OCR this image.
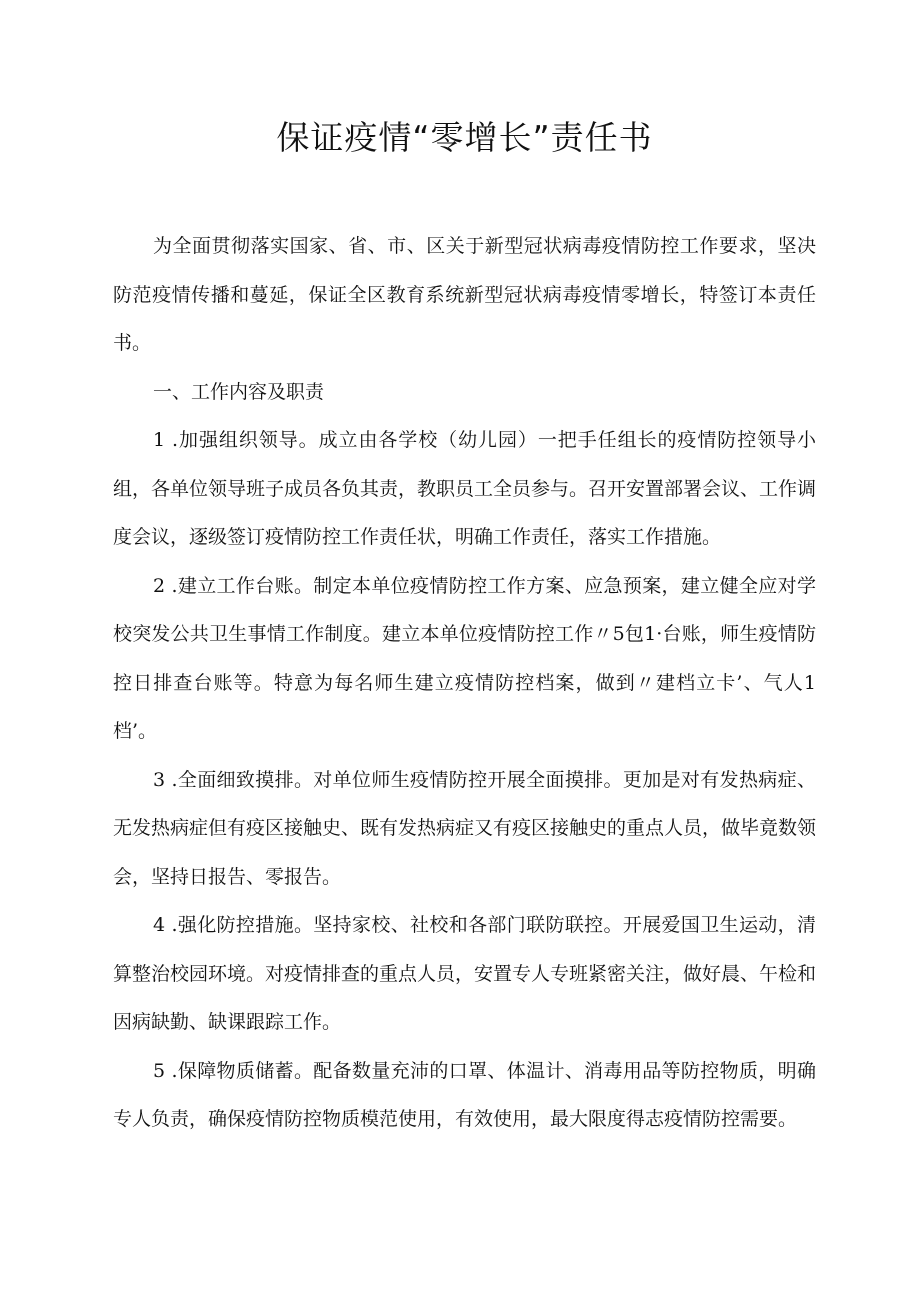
保证疫情“零增长”责任书

为全面贯彻落实国家、省、市、区关于新型冠状病毒疫情防控工作要求，坚决防范疫情传播和蔓延，保证全区教育系统新型冠状病毒疫情零增长，特签订本责任书。

一、工作内容及职责

1 .加强组织领导。成立由各学校（幼儿园）一把手任组长的疫情防控领导小组，各单位领导班子成员各负其责，教职员工全员参与。召开安置部署会议、工作调度会议，逐级签订疫情防控工作责任状，明确工作责任，落实工作措施。

2 .建立工作台账。制定本单位疫情防控工作方案、应急预案，建立健全应对学校突发公共卫生事情工作制度。建立本单位疫情防控工作〃5包1·台账，师生疫情防控日排查台账等。特意为每名师生建立疫情防控档案，做到〃建档立卡’、气人1档’。

3 .全面细致摸排。对单位师生疫情防控开展全面摸排。更加是对有发热病症、无发热病症但有疫区接触史、既有发热病症又有疫区接触史的重点人员，做毕竟数领会，坚持日报告、零报告。

4 .强化防控措施。坚持家校、社校和各部门联防联控。开展爱国卫生运动，清算整治校园环境。对疫情排查的重点人员，安置专人专班紧密关注，做好晨、午检和因病缺勤、缺课跟踪工作。

5 .保障物质储蓄。配备数量充沛的口罩、体温计、消毒用品等防控物质，明确专人负责，确保疫情防控物质模范使用，有效使用，最大限度得志疫情防控需要。
